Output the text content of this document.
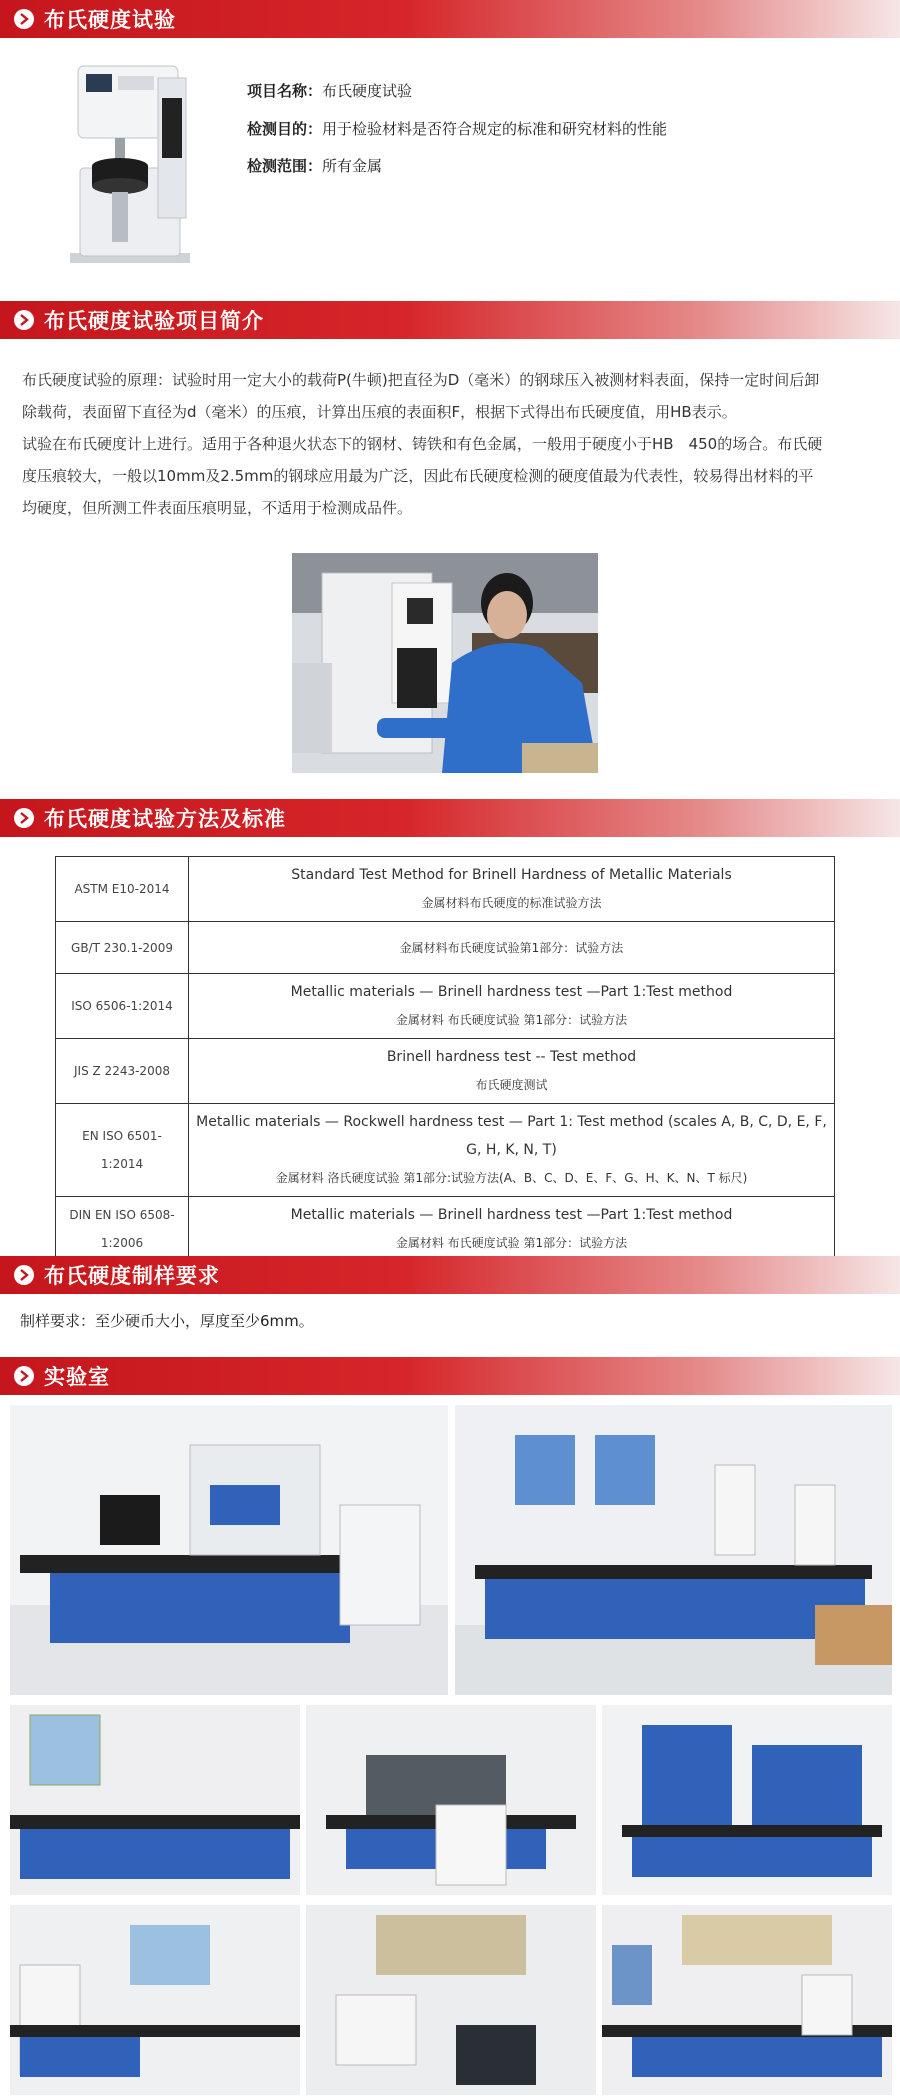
布氏硬度试验
项目名称：布氏硬度试验
检测目的：用于检验材料是否符合规定的标准和研究材料的性能
检测范围：所有金属
布氏硬度试验项目简介
布氏硬度试验的原理：试验时用一定大小的载荷P(牛顿)把直径为D（毫米）的钢球压入被测材料表面，保持一定时间后卸
除载荷，表面留下直径为d（毫米）的压痕，计算出压痕的表面积F，根据下式得出布氏硬度值，用HB表示。
试验在布氏硬度计上进行。适用于各种退火状态下的钢材、铸铁和有色金属，一般用于硬度小于HB　450的场合。布氏硬
度压痕较大，一般以10mm及2.5mm的钢球应用最为广泛，因此布氏硬度检测的硬度值最为代表性，较易得出材料的平
均硬度，但所测工件表面压痕明显，不适用于检测成品件。
布氏硬度试验方法及标准
ASTM E10-2014	Standard Test Method for Brinell Hardness of Metallic Materials
金属材料布氏硬度的标准试验方法

GB/T 230.1-2009	金属材料布氏硬度试验第1部分：试验方法

ISO 6506-1:2014	Metallic materials — Brinell hardness test —Part 1:Test method
金属材料 布氏硬度试验 第1部分：试验方法

JIS Z 2243-2008	Brinell hardness test -- Test method
布氏硬度测试

EN ISO 6501-1:2014	Metallic materials — Rockwell hardness test — Part 1: Test method (scales A, B, C, D, E, F, G, H, K, N, T)
金属材料 洛氏硬度试验 第1部分:试验方法(A、B、C、D、E、F、G、H、K、N、T 标尺)

DIN EN ISO 6508-1:2006	Metallic materials — Brinell hardness test —Part 1:Test method
金属材料 布氏硬度试验 第1部分：试验方法
布氏硬度制样要求
制样要求：至少硬币大小，厚度至少6mm。
实验室
